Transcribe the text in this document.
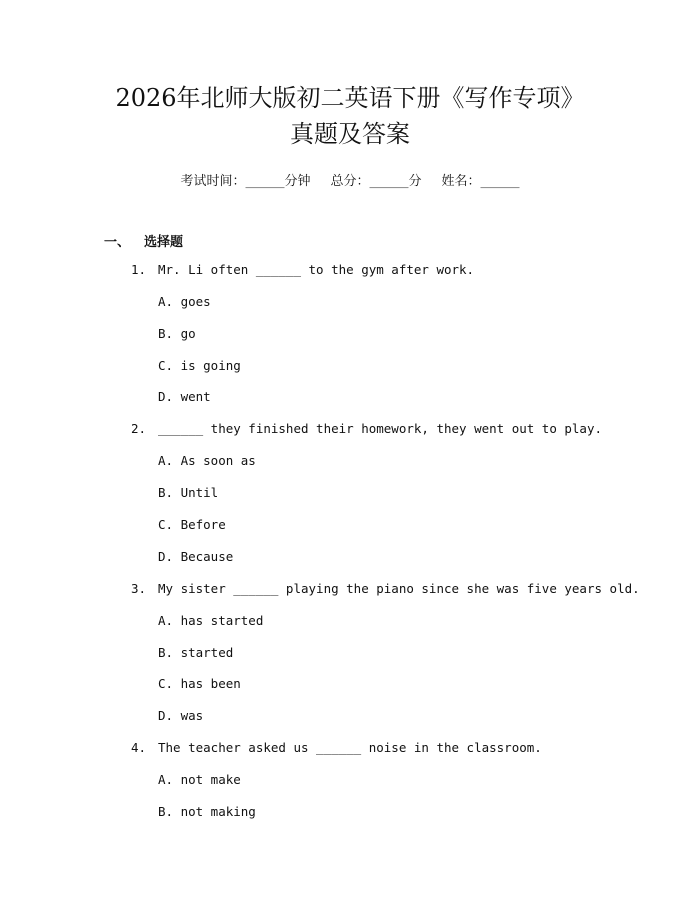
2026年北师大版初二英语下册《写作专项》
真题及答案
考试时间：______分钟 总分：______分 姓名：______
一、 选择题
1. Mr. Li often ______ to the gym after work.
A. goes
B. go
C. is going
D. went
2. ______ they finished their homework, they went out to play.
A. As soon as
B. Until
C. Before
D. Because
3. My sister ______ playing the piano since she was five years old.
A. has started
B. started
C. has been
D. was
4. The teacher asked us ______ noise in the classroom.
A. not make
B. not making
